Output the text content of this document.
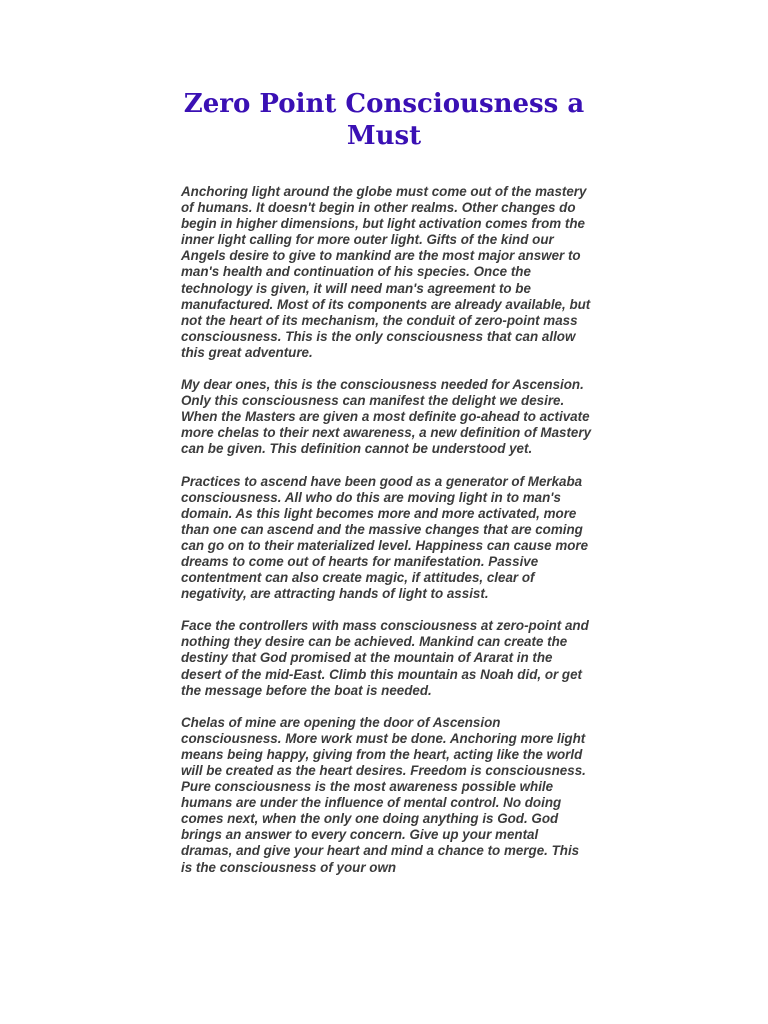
Zero Point Consciousness a Must

Anchoring light around the globe must come out of the mastery of humans. It doesn't begin in other realms. Other changes do begin in higher dimensions, but light activation comes from the inner light calling for more outer light. Gifts of the kind our Angels desire to give to mankind are the most major answer to man's health and continuation of his species. Once the technology is given, it will need man's agreement to be manufactured. Most of its components are already available, but not the heart of its mechanism, the conduit of zero-point mass consciousness. This is the only consciousness that can allow this great adventure.

My dear ones, this is the consciousness needed for Ascension. Only this consciousness can manifest the delight we desire. When the Masters are given a most definite go-ahead to activate more chelas to their next awareness, a new definition of Mastery can be given. This definition cannot be understood yet.

Practices to ascend have been good as a generator of Merkaba consciousness. All who do this are moving light in to man's domain. As this light becomes more and more activated, more than one can ascend and the massive changes that are coming can go on to their materialized level. Happiness can cause more dreams to come out of hearts for manifestation. Passive contentment can also create magic, if attitudes, clear of negativity, are attracting hands of light to assist.

Face the controllers with mass consciousness at zero-point and nothing they desire can be achieved. Mankind can create the destiny that God promised at the mountain of Ararat in the desert of the mid-East. Climb this mountain as Noah did, or get the message before the boat is needed.

Chelas of mine are opening the door of Ascension consciousness. More work must be done. Anchoring more light means being happy, giving from the heart, acting like the world will be created as the heart desires. Freedom is consciousness. Pure consciousness is the most awareness possible while humans are under the influence of mental control. No doing comes next, when the only one doing anything is God. God brings an answer to every concern. Give up your mental dramas, and give your heart and mind a chance to merge. This is the consciousness of your own
